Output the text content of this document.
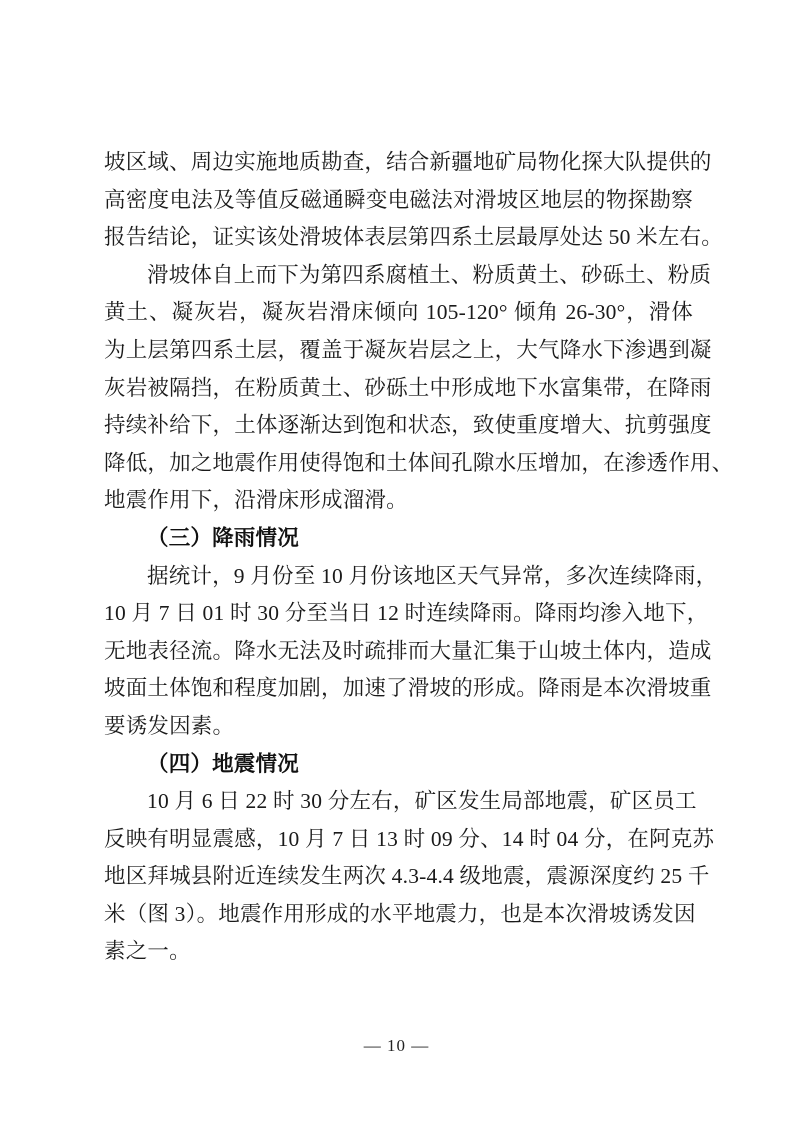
坡区域、周边实施地质勘查，结合新疆地矿局物化探大队提供的
高密度电法及等值反磁通瞬变电磁法对滑坡区地层的物探勘察
报告结论，证实该处滑坡体表层第四系土层最厚处达 50 米左右。
滑坡体自上而下为第四系腐植土、粉质黄土、砂砾土、粉质
黄土、凝灰岩，凝灰岩滑床倾向 105-120° 倾角 26-30°，滑体
为上层第四系土层，覆盖于凝灰岩层之上，大气降水下渗遇到凝
灰岩被隔挡，在粉质黄土、砂砾土中形成地下水富集带，在降雨
持续补给下，土体逐渐达到饱和状态，致使重度增大、抗剪强度
降低，加之地震作用使得饱和土体间孔隙水压增加，在渗透作用、
地震作用下，沿滑床形成溜滑。
（三）降雨情况
据统计，9 月份至 10 月份该地区天气异常，多次连续降雨，
10 月 7 日 01 时 30 分至当日 12 时连续降雨。降雨均渗入地下，
无地表径流。降水无法及时疏排而大量汇集于山坡土体内，造成
坡面土体饱和程度加剧，加速了滑坡的形成。降雨是本次滑坡重
要诱发因素。
（四）地震情况
10 月 6 日 22 时 30 分左右，矿区发生局部地震，矿区员工
反映有明显震感，10 月 7 日 13 时 09 分、14 时 04 分，在阿克苏
地区拜城县附近连续发生两次 4.3-4.4 级地震，震源深度约 25 千
米（图 3）。地震作用形成的水平地震力，也是本次滑坡诱发因
素之一。
— 10 —
